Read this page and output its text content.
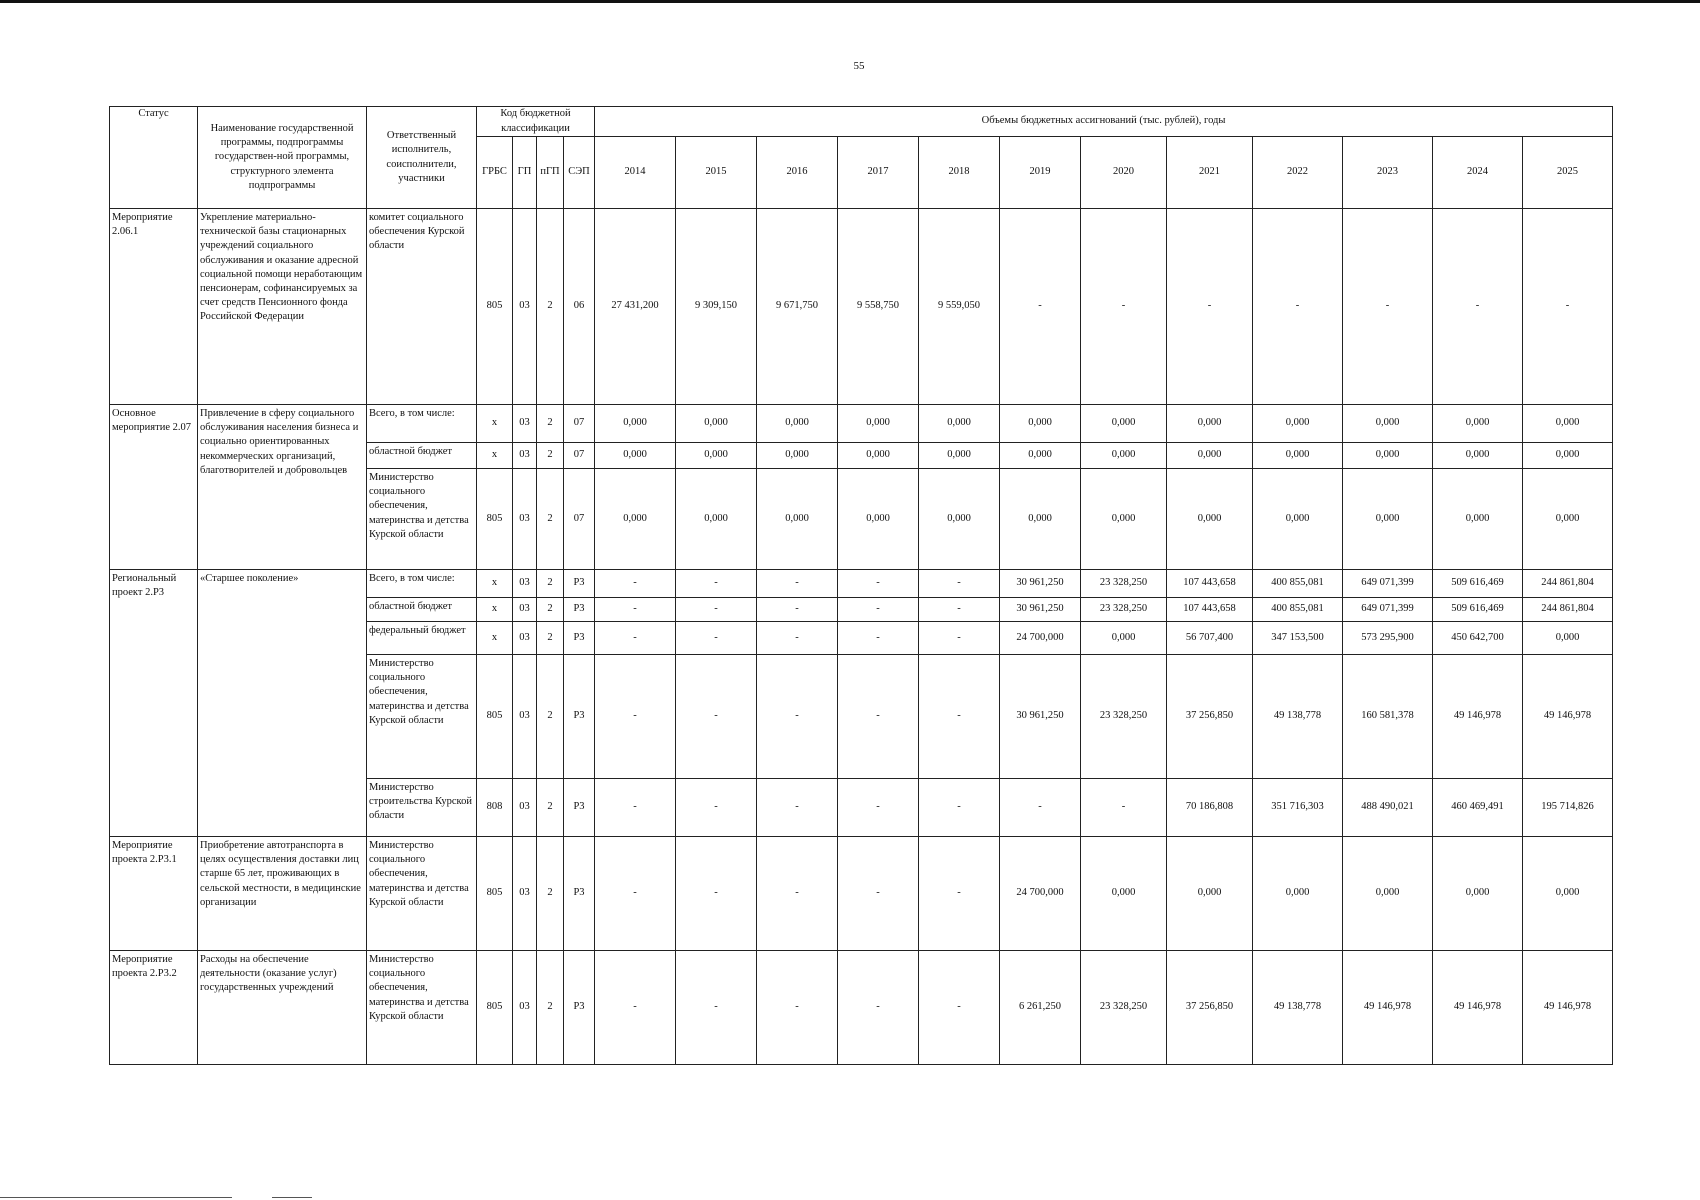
55
Статус	Наименование государственной программы, подпрограммы государствен-ной программы, структурного элемента подпрограммы	Ответственный исполнитель, соисполнители, участники	Код бюджетной классификации				Объемы бюджетных ассигнований (тыс. рублей), годы											
			ГРБС	ГП	пГП	СЭП	2014	2015	2016	2017	2018	2019	2020	2021	2022	2023	2024	2025
Мероприятие 2.06.1	Укрепление материально-технической базы стационарных учреждений социального обслуживания и оказание адресной социальной помощи неработающим пенсионерам, софинансируемых за счет средств Пенсионного фонда Российской Федерации	комитет социального обеспечения Курской области	805	03	2	06	27 431,200	9 309,150	9 671,750	9 558,750	9 559,050	-	-	-	-	-	-	-
Основное мероприятие 2.07	Привлечение в сферу социального обслуживания населения бизнеса и социально ориентированных некоммерческих организаций, благотворителей и добровольцев	Всего, в том числе:	x	03	2	07	0,000	0,000	0,000	0,000	0,000	0,000	0,000	0,000	0,000	0,000	0,000	0,000
		областной бюджет	x	03	2	07	0,000	0,000	0,000	0,000	0,000	0,000	0,000	0,000	0,000	0,000	0,000	0,000
		Министерство социального обеспечения, материнства и детства Курской области	805	03	2	07	0,000	0,000	0,000	0,000	0,000	0,000	0,000	0,000	0,000	0,000	0,000	0,000
Региональный проект 2.Р3	«Старшее поколение»	Всего, в том числе:	x	03	2	Р3	-	-	-	-	-	30 961,250	23 328,250	107 443,658	400 855,081	649 071,399	509 616,469	244 861,804
		областной бюджет	x	03	2	Р3	-	-	-	-	-	30 961,250	23 328,250	107 443,658	400 855,081	649 071,399	509 616,469	244 861,804
		федеральный бюджет	x	03	2	Р3	-	-	-	-	-	24 700,000	0,000	56 707,400	347 153,500	573 295,900	450 642,700	0,000
		Министерство социального обеспечения, материнства и детства Курской области	805	03	2	Р3	-	-	-	-	-	30 961,250	23 328,250	37 256,850	49 138,778	160 581,378	49 146,978	49 146,978
		Министерство строительства Курской области	808	03	2	Р3	-	-	-	-	-	-	-	70 186,808	351 716,303	488 490,021	460 469,491	195 714,826
Мероприятие проекта 2.Р3.1	Приобретение автотранспорта в целях осуществления доставки лиц старше 65 лет, проживающих в сельской местности, в медицинские организации	Министерство социального обеспечения, материнства и детства Курской области	805	03	2	Р3	-	-	-	-	-	24 700,000	0,000	0,000	0,000	0,000	0,000	0,000
Мероприятие проекта 2.Р3.2	Расходы на обеспечение деятельности (оказание услуг) государственных учреждений	Министерство социального обеспечения, материнства и детства Курской области	805	03	2	Р3	-	-	-	-	-	6 261,250	23 328,250	37 256,850	49 138,778	49 146,978	49 146,978	49 146,978
